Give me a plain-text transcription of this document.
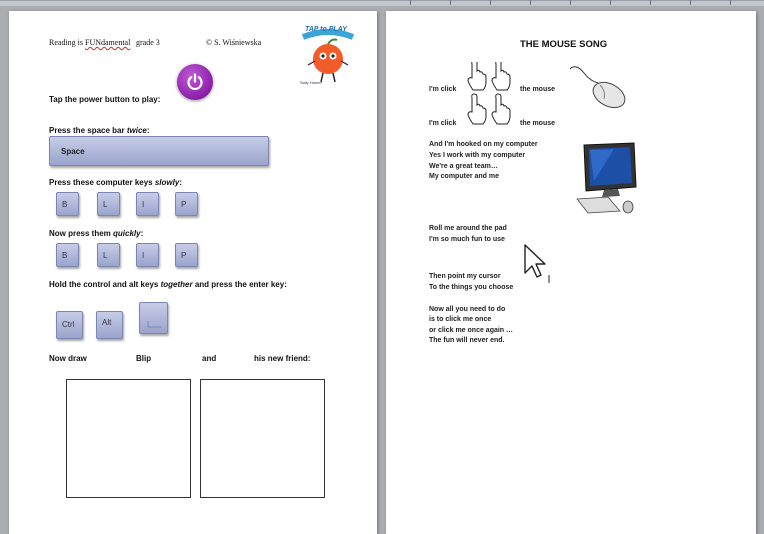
Reading is FUNdamental grade 3	© S. Wiśniewska
TAP to PLAY
Sally Hamm
Tap the power button to play:
Press the space bar twice:
Space
Press these computer keys slowly:
B	L	I	P
Now press them quickly:
B	L	I	P
Hold the control and alt keys together and press the enter key:
Ctrl	Alt
Now draw	Blip	and	his new friend:
THE MOUSE SONG
I'm click	the mouse
I'm click	the mouse
And I'm hooked on my computer
Yes I work with my computer
We're a great team…
My computer and me
Roll me around the pad
I'm so much fun to use
Then point my cursor
To the things you choose
Now all you need to do
is to click me once
or click me once again …
The fun will never end.
